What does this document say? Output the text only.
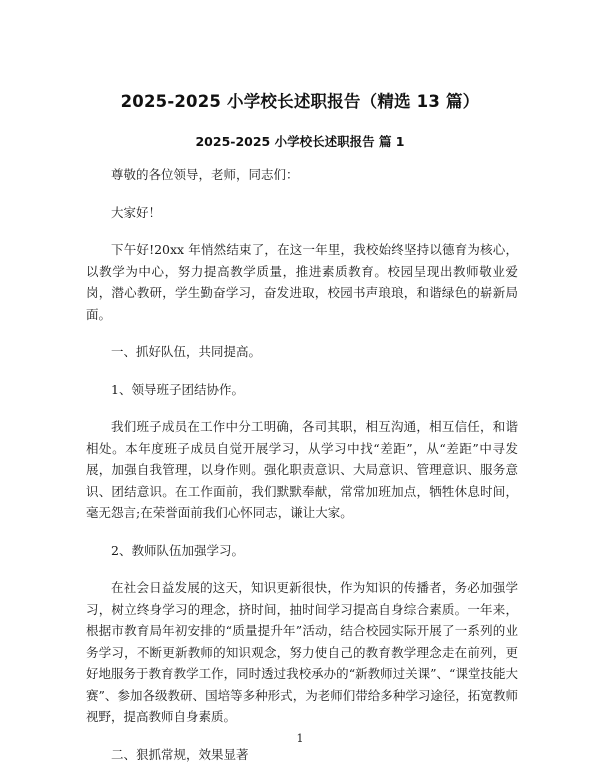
2025-2025 小学校长述职报告（精选 13 篇）
2025-2025 小学校长述职报告 篇 1

尊敬的各位领导，老师，同志们：

大家好！

下午好!20xx 年悄然结束了，在这一年里，我校始终坚持以德育为核心，以教学为中心，努力提高教学质量，推进素质教育。校园呈现出教师敬业爱岗，潜心教研，学生勤奋学习，奋发进取，校园书声琅琅，和谐绿色的崭新局面。

一、抓好队伍，共同提高。

1、领导班子团结协作。

我们班子成员在工作中分工明确，各司其职，相互沟通，相互信任，和谐相处。本年度班子成员自觉开展学习，从学习中找“差距”，从“差距”中寻发展，加强自我管理，以身作则。强化职责意识、大局意识、管理意识、服务意识、团结意识。在工作面前，我们默默奉献，常常加班加点，牺牲休息时间，毫无怨言;在荣誉面前我们心怀同志，谦让大家。

2、教师队伍加强学习。

在社会日益发展的这天，知识更新很快，作为知识的传播者，务必加强学习，树立终身学习的理念，挤时间，抽时间学习提高自身综合素质。一年来，根据市教育局年初安排的“质量提升年”活动，结合校园实际开展了一系列的业务学习，不断更新教师的知识观念，努力使自己的教育教学理念走在前列，更好地服务于教育教学工作，同时透过我校承办的“新教师过关课”、“课堂技能大赛”、参加各级教研、国培等多种形式，为老师们带给多种学习途径，拓宽教师视野，提高教师自身素质。

二、狠抓常规，效果显著

1
